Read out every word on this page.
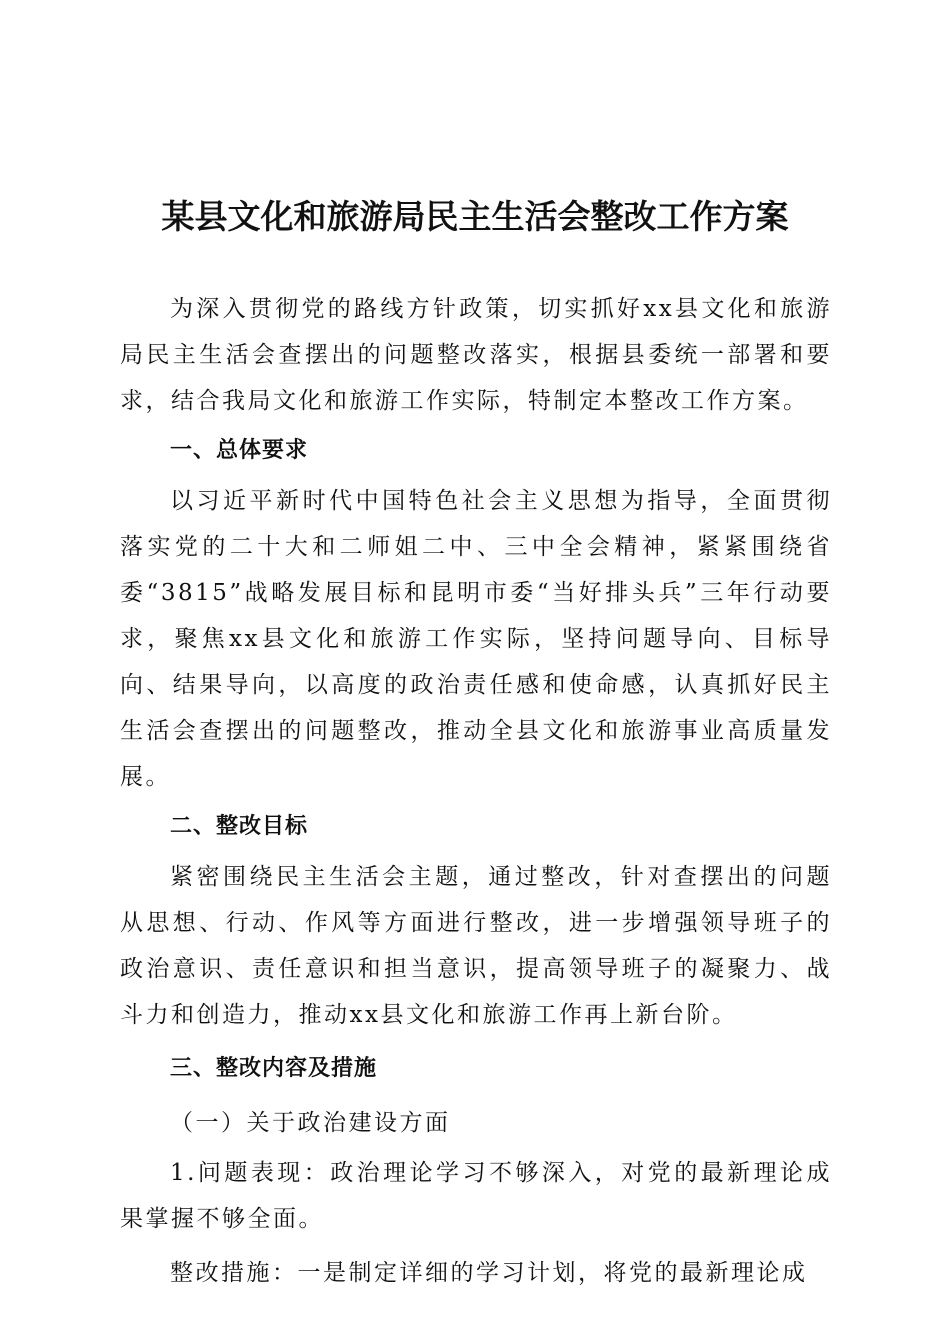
某县文化和旅游局民主生活会整改工作方案

为深入贯彻党的路线方针政策，切实抓好xx县文化和旅游局民主生活会查摆出的问题整改落实，根据县委统一部署和要求，结合我局文化和旅游工作实际，特制定本整改工作方案。

一、总体要求

以习近平新时代中国特色社会主义思想为指导，全面贯彻落实党的二十大和二师姐二中、三中全会精神，紧紧围绕省委“3815”战略发展目标和昆明市委“当好排头兵”三年行动要求，聚焦xx县文化和旅游工作实际，坚持问题导向、目标导向、结果导向，以高度的政治责任感和使命感，认真抓好民主生活会查摆出的问题整改，推动全县文化和旅游事业高质量发展。

二、整改目标

紧密围绕民主生活会主题，通过整改，针对查摆出的问题从思想、行动、作风等方面进行整改，进一步增强领导班子的政治意识、责任意识和担当意识，提高领导班子的凝聚力、战斗力和创造力，推动xx县文化和旅游工作再上新台阶。

三、整改内容及措施
（一）关于政治建设方面

1.问题表现：政治理论学习不够深入，对党的最新理论成果掌握不够全面。

整改措施：一是制定详细的学习计划，将党的最新理论成
